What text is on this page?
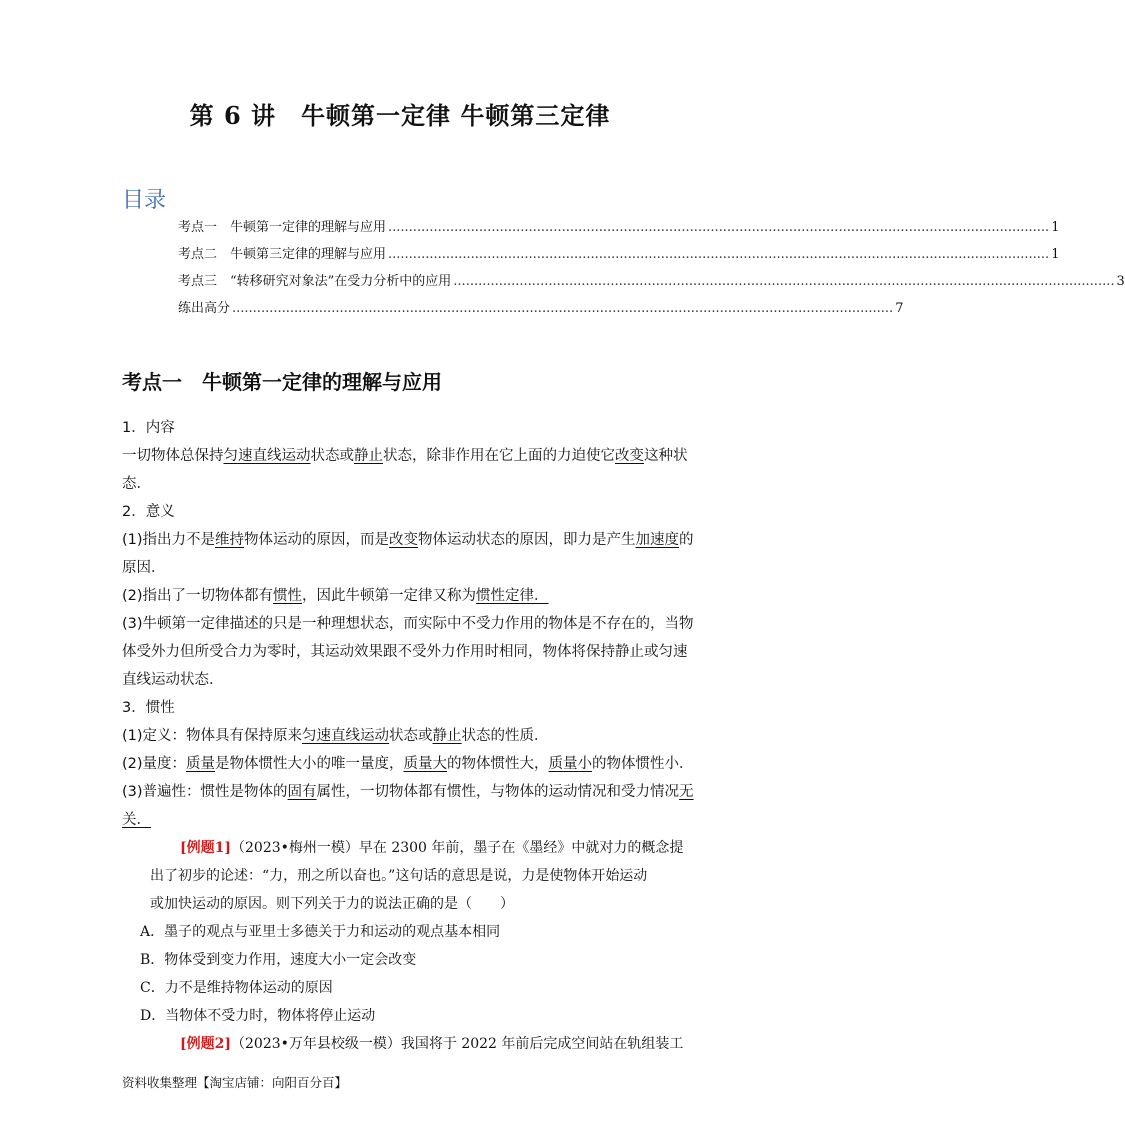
第 6 讲　牛顿第一定律 牛顿第三定律
目录
考点一　牛顿第一定律的理解与应用 ................................................................................................................................................................ 1
考点二　牛顿第三定律的理解与应用 ................................................................................................................................................................ 1
考点三　“转移研究对象法”在受力分析中的应用 ................................................................................................................................................................ 3
练出高分 ................................................................................................................................................................ 7
考点一　牛顿第一定律的理解与应用
1．内容
一切物体总保持匀速直线运动状态或静止状态，除非作用在它上面的力迫使它改变这种状
态．
2．意义
(1)指出力不是维持物体运动的原因，而是改变物体运动状态的原因，即力是产生加速度的
原因．
(2)指出了一切物体都有惯性，因此牛顿第一定律又称为惯性定律．
(3)牛顿第一定律描述的只是一种理想状态，而实际中不受力作用的物体是不存在的，当物
体受外力但所受合力为零时，其运动效果跟不受外力作用时相同，物体将保持静止或匀速
直线运动状态．
3．惯性
(1)定义：物体具有保持原来匀速直线运动状态或静止状态的性质．
(2)量度：质量是物体惯性大小的唯一量度，质量大的物体惯性大，质量小的物体惯性小．
(3)普遍性：惯性是物体的固有属性，一切物体都有惯性，与物体的运动情况和受力情况无
关．
[例题1]（2023•梅州一模）早在 2300 年前，墨子在《墨经》中就对力的概念提
出了初步的论述：“力，刑之所以奋也。”这句话的意思是说，力是使物体开始运动
或加快运动的原因。则下列关于力的说法正确的是（　　）
A．墨子的观点与亚里士多德关于力和运动的观点基本相同
B．物体受到变力作用，速度大小一定会改变
C．力不是维持物体运动的原因
D．当物体不受力时，物体将停止运动
[例题2]（2023•万年县校级一模）我国将于 2022 年前后完成空间站在轨组装工
资料收集整理【淘宝店铺：向阳百分百】
